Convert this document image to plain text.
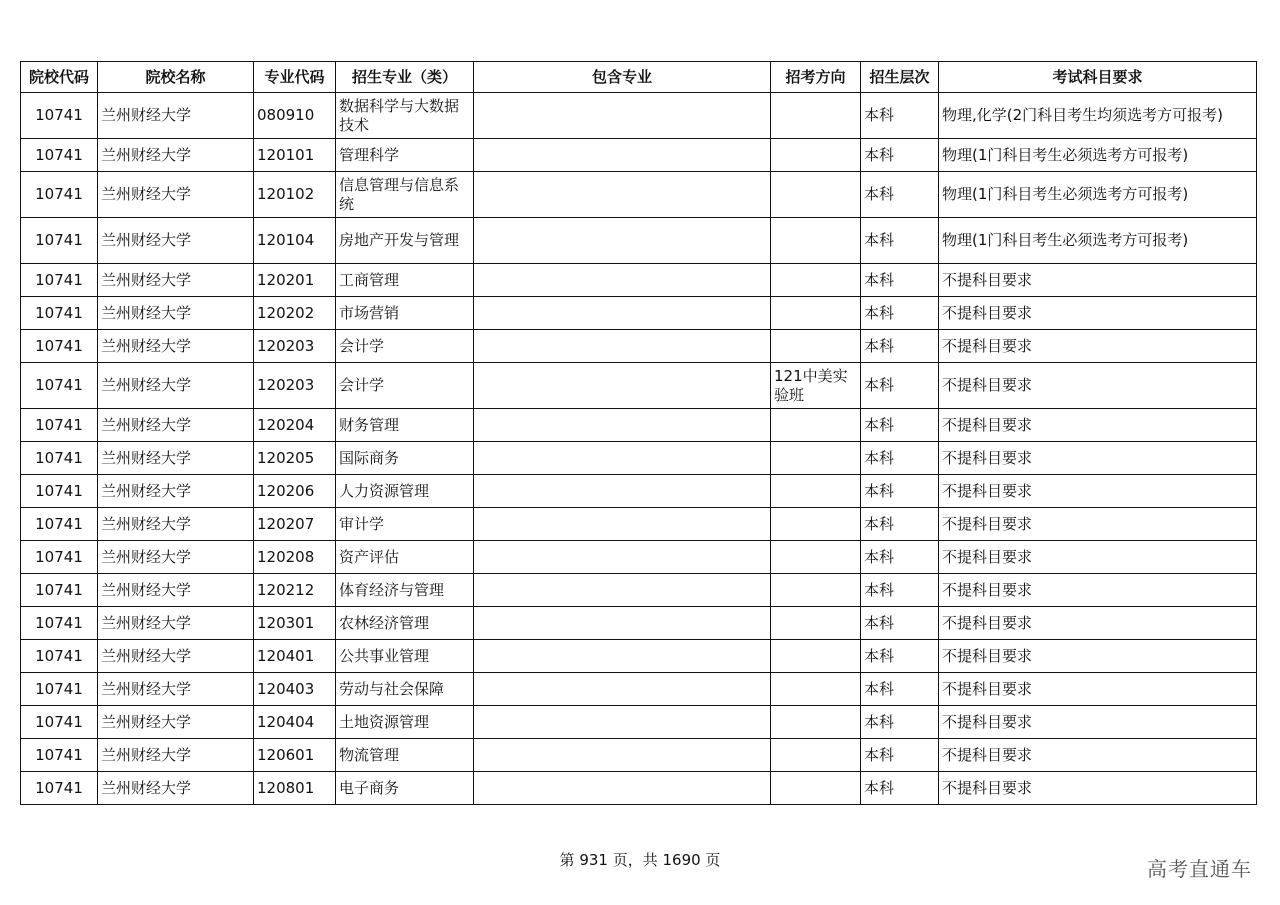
院校代码	院校名称	专业代码	招生专业（类）	包含专业	招考方向	招生层次	考试科目要求
10741	兰州财经大学	080910	数据科学与大数据技术			本科	物理,化学(2门科目考生均须选考方可报考)
10741	兰州财经大学	120101	管理科学			本科	物理(1门科目考生必须选考方可报考)
10741	兰州财经大学	120102	信息管理与信息系统			本科	物理(1门科目考生必须选考方可报考)
10741	兰州财经大学	120104	房地产开发与管理			本科	物理(1门科目考生必须选考方可报考)
10741	兰州财经大学	120201	工商管理			本科	不提科目要求
10741	兰州财经大学	120202	市场营销			本科	不提科目要求
10741	兰州财经大学	120203	会计学			本科	不提科目要求
10741	兰州财经大学	120203	会计学		121中美实验班	本科	不提科目要求
10741	兰州财经大学	120204	财务管理			本科	不提科目要求
10741	兰州财经大学	120205	国际商务			本科	不提科目要求
10741	兰州财经大学	120206	人力资源管理			本科	不提科目要求
10741	兰州财经大学	120207	审计学			本科	不提科目要求
10741	兰州财经大学	120208	资产评估			本科	不提科目要求
10741	兰州财经大学	120212	体育经济与管理			本科	不提科目要求
10741	兰州财经大学	120301	农林经济管理			本科	不提科目要求
10741	兰州财经大学	120401	公共事业管理			本科	不提科目要求
10741	兰州财经大学	120403	劳动与社会保障			本科	不提科目要求
10741	兰州财经大学	120404	土地资源管理			本科	不提科目要求
10741	兰州财经大学	120601	物流管理			本科	不提科目要求
10741	兰州财经大学	120801	电子商务			本科	不提科目要求
第 931 页，共 1690 页	高考直通车
